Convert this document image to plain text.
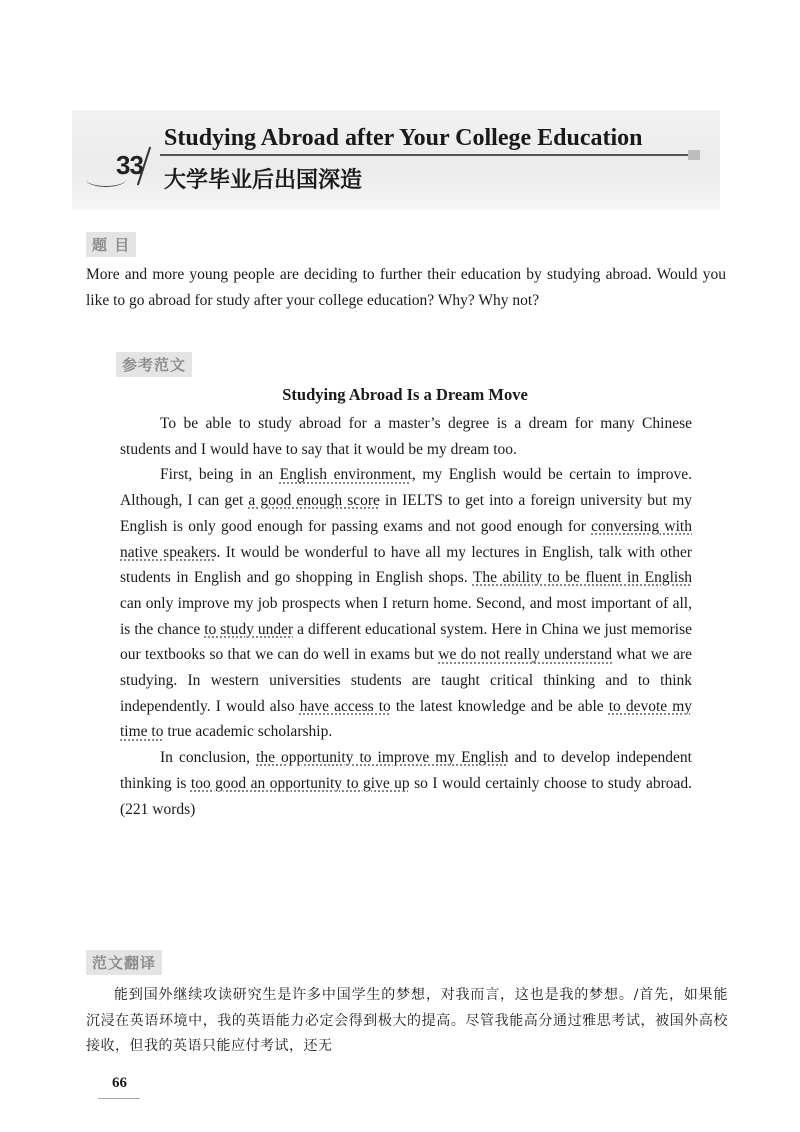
33
Studying Abroad after Your College Education
大学毕业后出国深造
题 目
More and more young people are deciding to further their education by studying abroad. Would you like to go abroad for study after your college education? Why? Why not?
参考范文
Studying Abroad Is a Dream Move

To be able to study abroad for a master’s degree is a dream for many Chinese students and I would have to say that it would be my dream too.

First, being in an English environment, my English would be certain to improve. Although, I can get a good enough score in IELTS to get into a foreign university but my English is only good enough for passing exams and not good enough for conversing with native speakers. It would be wonderful to have all my lectures in English, talk with other students in English and go shopping in English shops. The ability to be fluent in English can only improve my job prospects when I return home. Second, and most important of all, is the chance to study under a different educational system. Here in China we just memorise our textbooks so that we can do well in exams but we do not really understand what we are studying. In western universities students are taught critical thinking and to think independently. I would also have access to the latest knowledge and be able to devote my time to true academic scholarship.

In conclusion, the opportunity to improve my English and to develop independent thinking is too good an opportunity to give up so I would certainly choose to study abroad. (221 words)

范文翻译

能到国外继续攻读研究生是许多中国学生的梦想，对我而言，这也是我的梦想。/首先，如果能沉浸在英语环境中，我的英语能力必定会得到极大的提高。尽管我能高分通过雅思考试，被国外高校接收，但我的英语只能应付考试，还无

66
